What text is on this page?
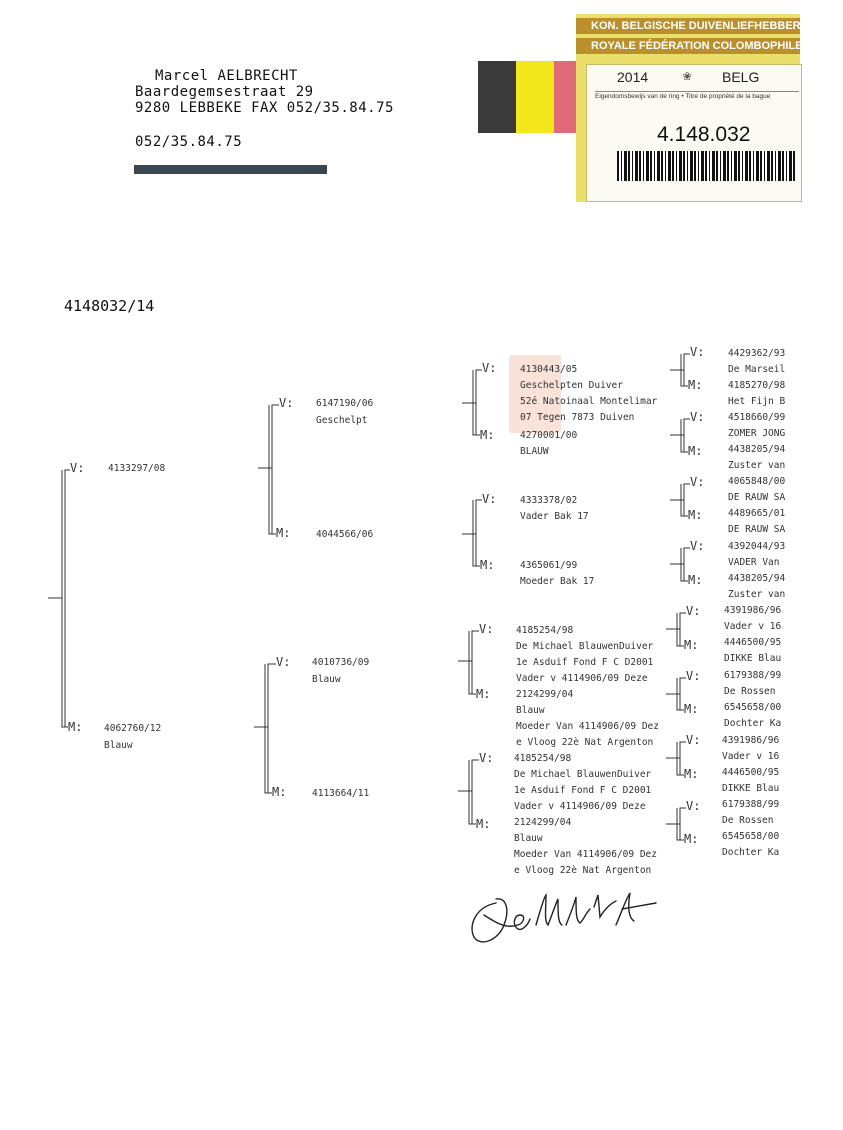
Marcel AELBRECHT
Baardegemsestraat 29
9280 LEBBEKE FAX 052/35.84.75
052/35.84.75
KON. BELGISCHE DUIVENLIEFHEBBERSBOND
ROYALE FÉDÉRATION COLOMBOPHILE BELGE
2014 ❀ BELG
Eigendomsbewijs van de ring • Titre de propriété de la bague
4.148.032
4148032/14
V: 4133297/08
M: 4062760/12
Blauw
V: 6147190/06
Geschelpt
M:	4044566/06
V: 4010736/09
Blauw
M:	4113664/11
V: 4130443/05
Geschelpten Duiver
52é Natoinaal Montelimar
07 Tegen 7873 Duiven
M:	4270001/00
BLAUW
V: 4333378/02
Vader Bak 17
M:	4365061/99
Moeder Bak 17
V: 4185254/98
De Michael BlauwenDuiver
1e Asduif Fond F C D2001
Vader v 4114906/09 Deze
M:	2124299/04
Blauw
Moeder Van 4114906/09 Dez
e Vloog 22è Nat Argenton
V: 4185254/98
De Michael BlauwenDuiver
1e Asduif Fond F C D2001
Vader v 4114906/09 Deze
M: 2124299/04
Blauw
Moeder Van 4114906/09 Dez
e Vloog 22è Nat Argenton
V: 4429362/93
De Marseil
M:	4185270/98
Het Fijn B
V: 4518660/99
ZOMER JONG
M:	4438205/94
Zuster van
V: 4065848/00
DE RAUW SA
M:	4489665/01
DE RAUW SA
V: 4392044/93
VADER Van
M:	4438205/94
Zuster van
V: 4391986/96
Vader v 16
M:	4446500/95
DIKKE Blau
V: 6179388/99
De Rossen
M:	6545658/00
Dochter Ka
V: 4391986/96
Vader v 16
M: 4446500/95
DIKKE Blau
V: 6179388/99
De Rossen
M: 6545658/00
Dochter Ka
